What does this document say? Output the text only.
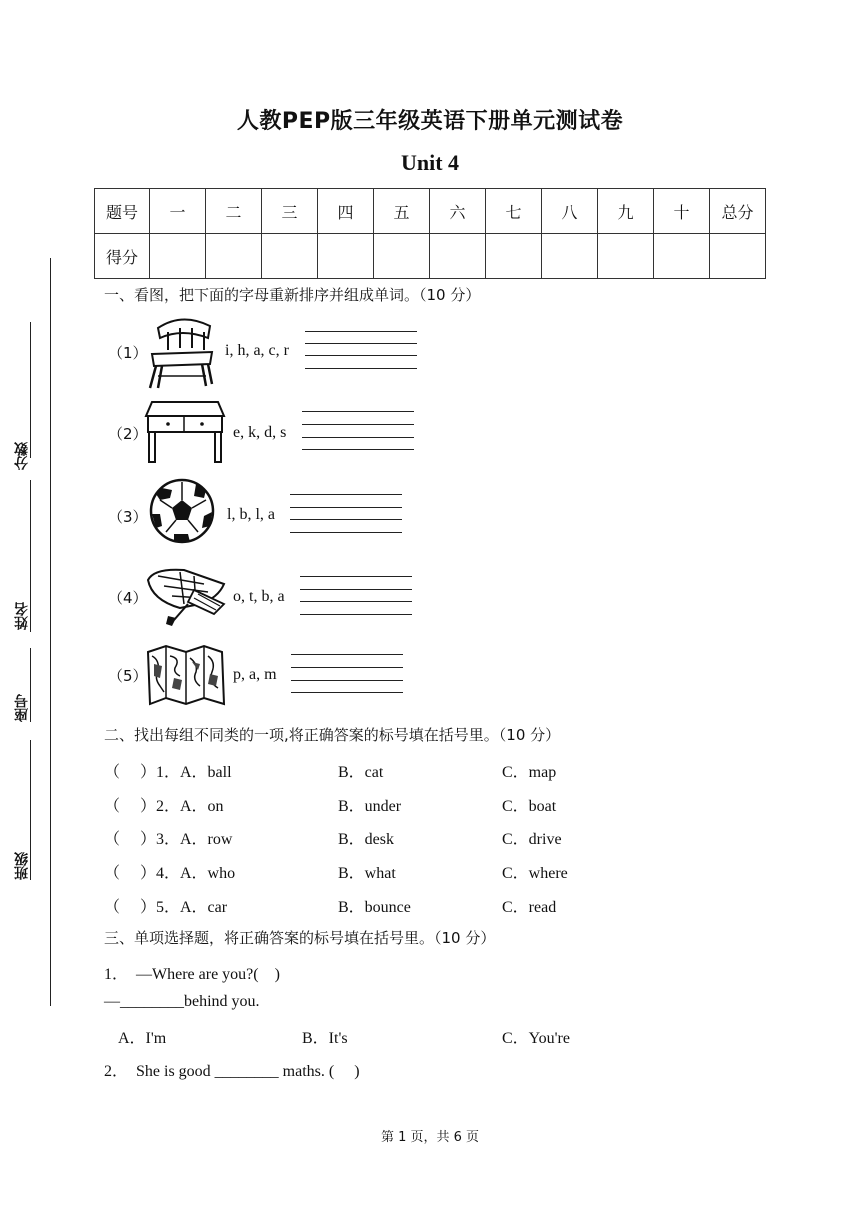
人教PEP版三年级英语下册单元测试卷
Unit 4
题号	一	二	三	四	五	六	七	八	九	十	总分
得分											
分数
姓名
座号
班级
一、看图，把下面的字母重新排序并组成单词。（10 分）
（1）	i, h, a, c, r
（2）	e, k, d, s
（3）	l, b, l, a
（4）	o, t, b, a
（5）	p, a, m
二、找出每组不同类的一项,将正确答案的标号填在括号里。（10 分）
（　 ）1．A．ball	B．cat	C．map
（　 ）2．A．on	B．under	C．boat
（　 ）3．A．row	B．desk	C．drive
（　 ）4．A．who	B．what	C．where
（　 ）5．A．car	B．bounce	C．read
三、单项选择题，将正确答案的标号填在括号里。（10 分）
1． —Where are you?(　)
—________behind you.
A．I'm	B．It's	C．You're
2． She is good ________ maths. (　 )
第 1 页，共 6 页
